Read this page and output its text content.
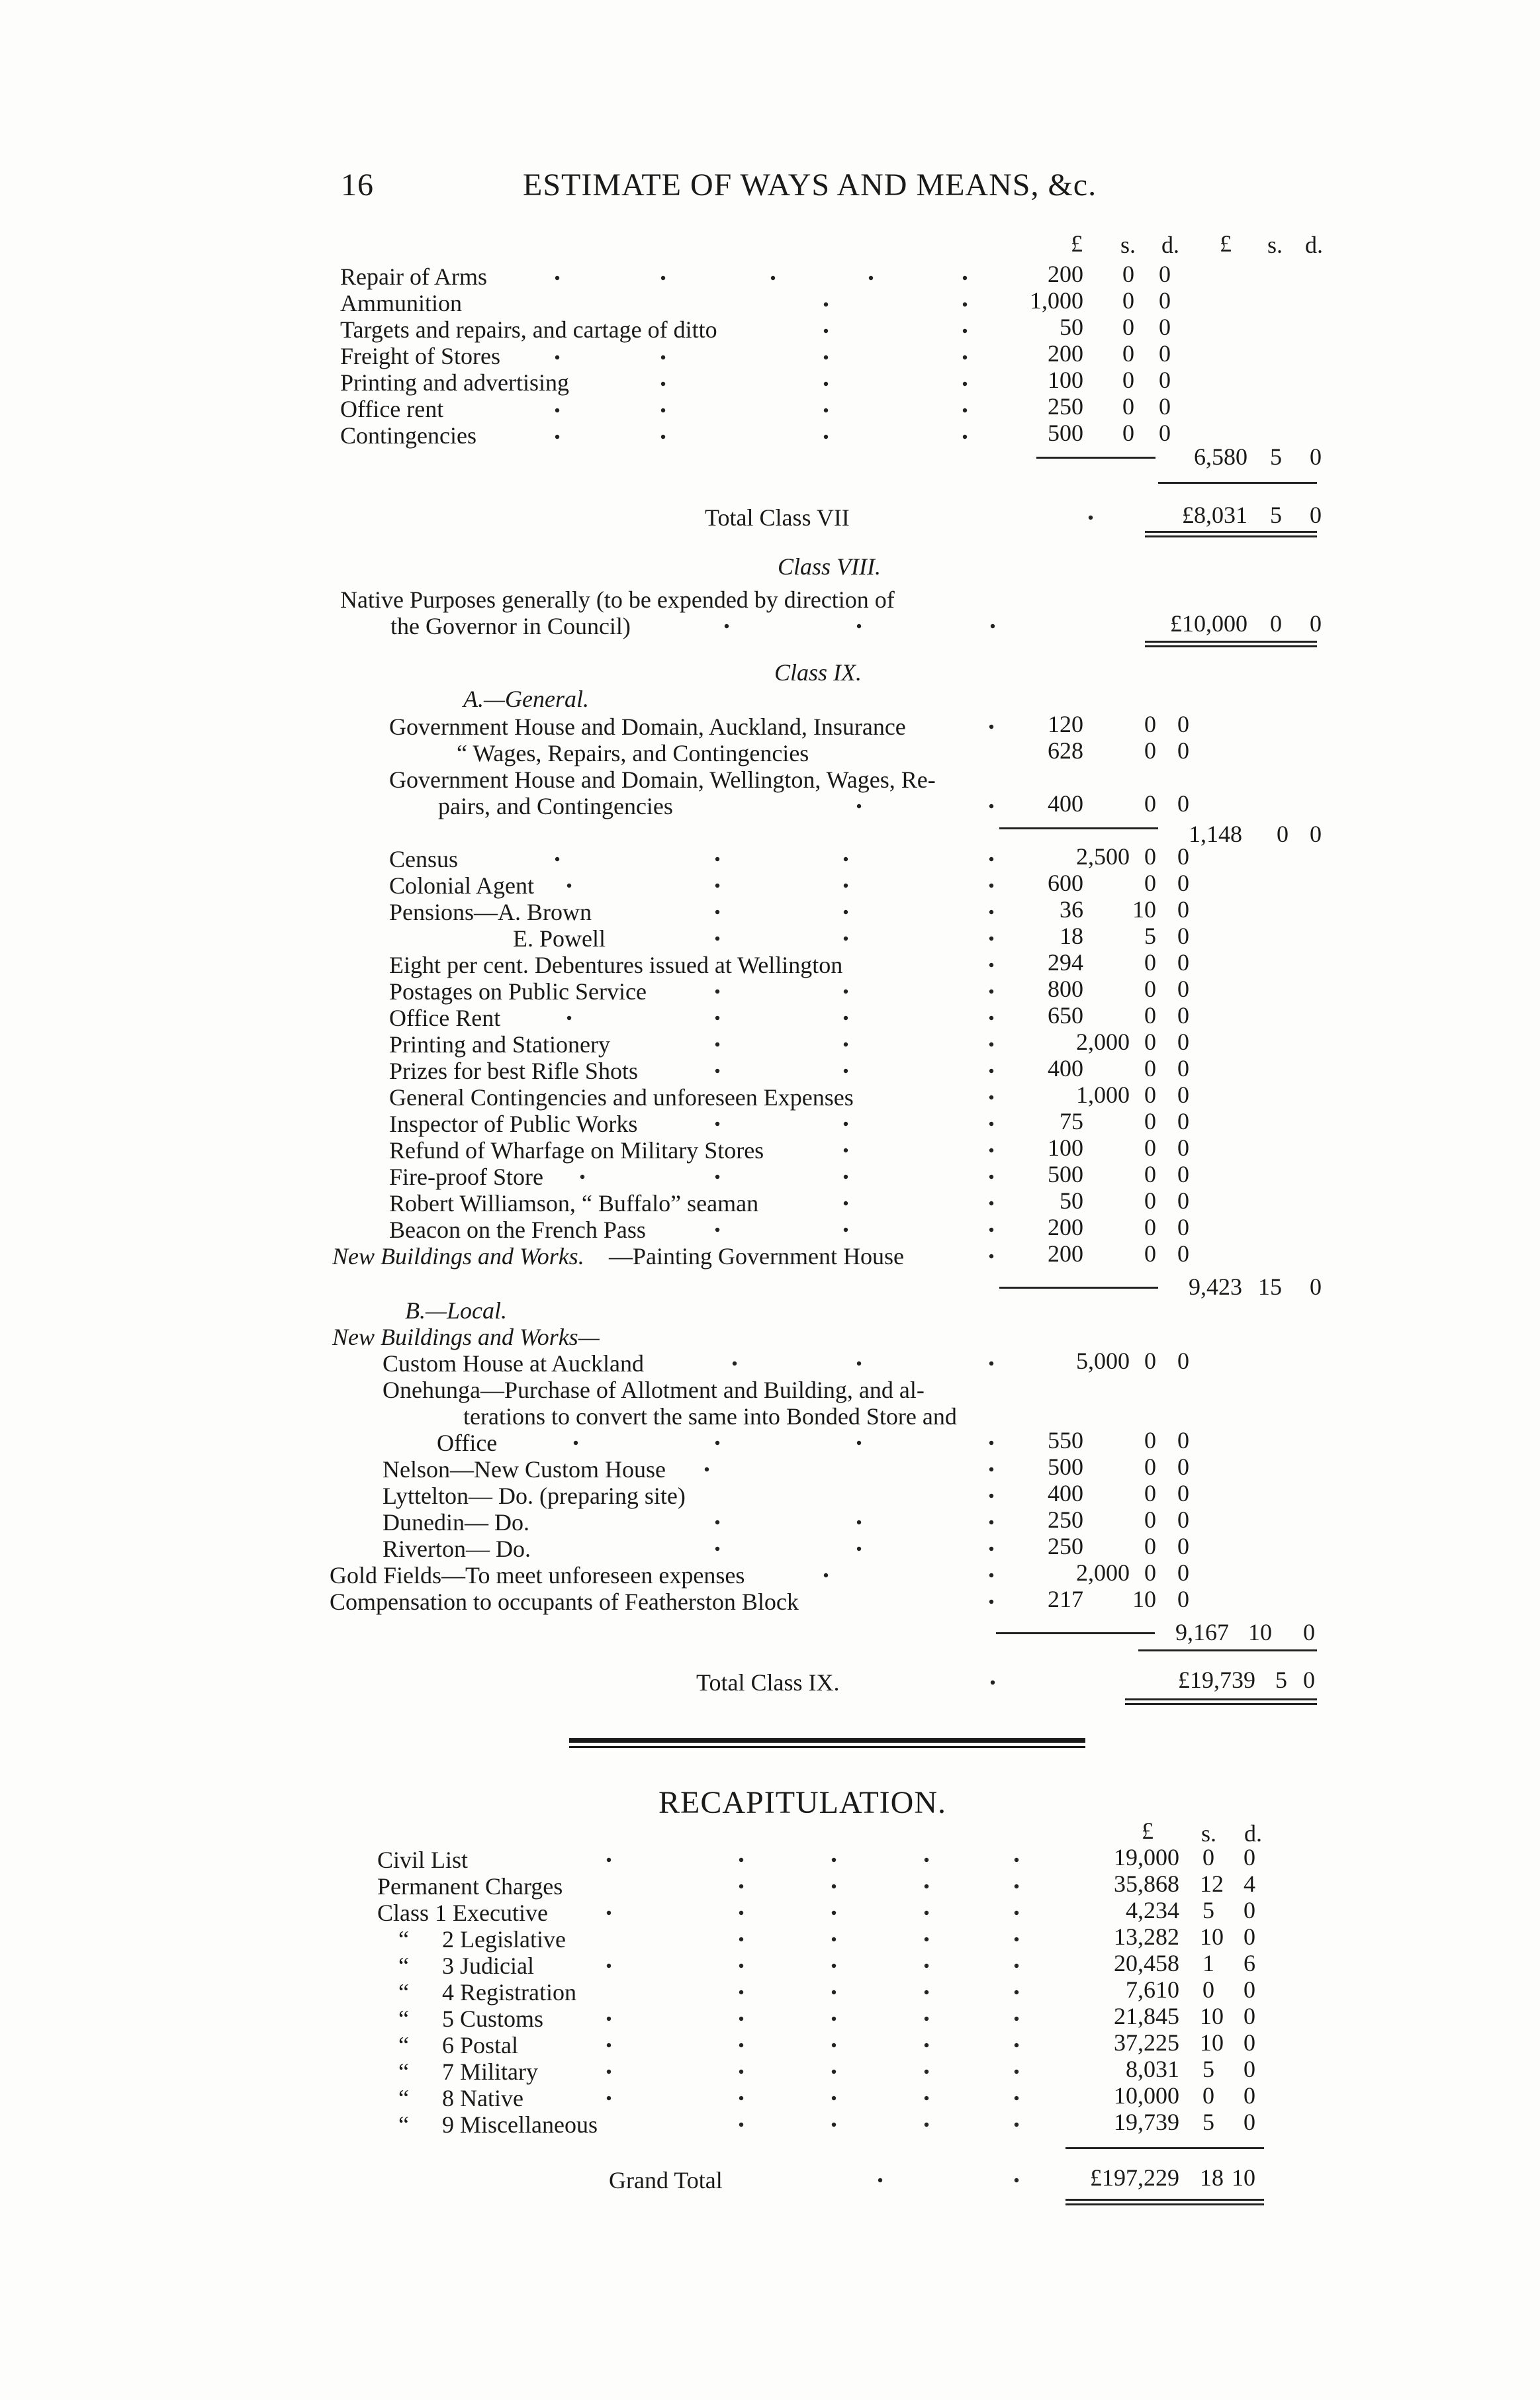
16	ESTIMATE OF WAYS AND MEANS, &c.
£ s. d. £ s. d.
Repair of Arms	200 0 0
Ammunition	1,000 0 0
Targets and repairs, and cartage of ditto	50 0 0
Freight of Stores	200 0 0
Printing and advertising	100 0 0
Office rent	250 0 0
Contingencies	500 0 0
6,580 5 0
Total Class VII	£8,031 5 0
Class VIII.
Native Purposes generally (to be expended by direction of
the Governor in Council)	£10,000 0 0
Class IX.
A.—General.
Government House and Domain, Auckland, Insurance	120	0 0
“ Wages, Repairs, and Contingencies	628	0 0
Government House and Domain, Wellington, Wages, Re-
pairs, and Contingencies	400	0 0
1,148 0 0
Census	2,500 0 0
Colonial Agent	600	0 0
Pensions—A. Brown	36 10 0
E. Powell	18	5 0
Eight per cent. Debentures issued at Wellington	294	0 0
Postages on Public Service	800	0 0
Office Rent	650	0 0
Printing and Stationery	2,000 0 0
Prizes for best Rifle Shots	400	0 0
General Contingencies and unforeseen Expenses	1,000 0 0
Inspector of Public Works	75	0 0
Refund of Wharfage on Military Stores	100	0 0
Fire-proof Store	500	0 0
Robert Williamson, “ Buffalo” seaman	50	0 0
Beacon on the French Pass	200	0 0
New Buildings and Works. —Painting Government House	200	0 0
9,423 15 0
B.—Local.
New Buildings and Works—
Custom House at Auckland	5,000 0 0
Onehunga—Purchase of Allotment and Building, and al-
terations to convert the same into Bonded Store and
Office	550	0 0
Nelson—New Custom House	500	0 0
Lyttelton— Do. (preparing site)	400	0 0
Dunedin— Do.	250	0 0
Riverton— Do.	250	0 0
Gold Fields—To meet unforeseen expenses	2,000 0 0
Compensation to occupants of Featherston Block	217 10 0
9,167 10 0
Total Class IX.	£19,739 5 0
RECAPITULATION.
£ s. d.
Civil List	19,000 0 0
Permanent Charges	35,868 12 4
Class 1 Executive	4,234 5 0
“ 2 Legislative	13,282 10 0
“ 3 Judicial	20,458 1 6
“ 4 Registration	7,610 0 0
“ 5 Customs	21,845 10 0
“ 6 Postal	37,225 10 0
“ 7 Military	8,031 5 0
“ 8 Native	10,000 0 0
“ 9 Miscellaneous	19,739 5 0
Grand Total	£197,229 18 10
